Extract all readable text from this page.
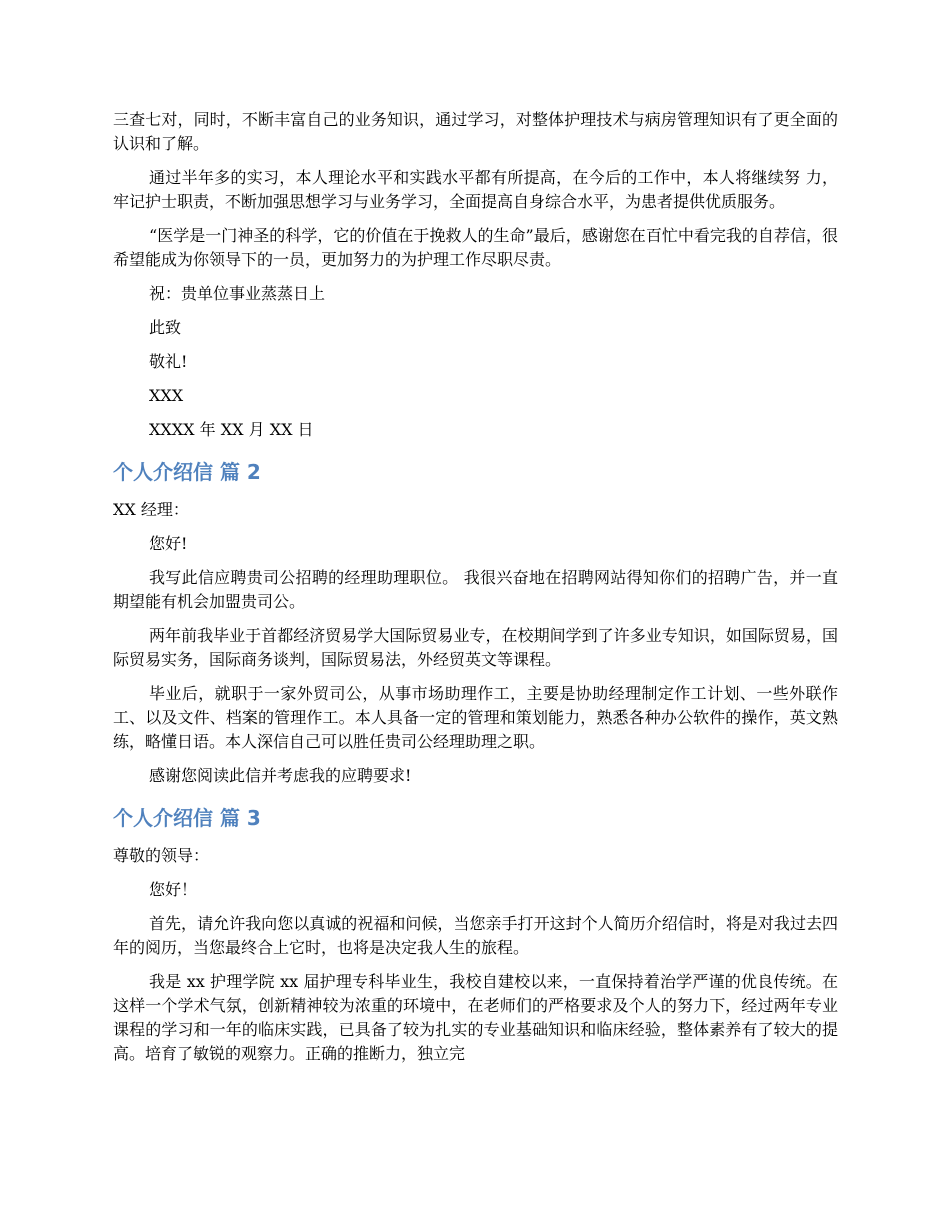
三查七对，同时，不断丰富自己的业务知识，通过学习，对整体护理技术与病房管理知识有了更全面的认识和了解。

通过半年多的实习，本人理论水平和实践水平都有所提高，在今后的工作中，本人将继续努 力，牢记护士职责，不断加强思想学习与业务学习，全面提高自身综合水平，为患者提供优质服务。

“医学是一门神圣的科学，它的价值在于挽救人的生命”最后，感谢您在百忙中看完我的自荐信，很希望能成为你领导下的一员，更加努力的为护理工作尽职尽责。

祝：贵单位事业蒸蒸日上

此致

敬礼!

XXX

XXXX 年 XX 月 XX 日

个人介绍信 篇 2

XX 经理：

您好!

我写此信应聘贵司公招聘的经理助理职位。 我很兴奋地在招聘网站得知你们的招聘广告，并一直期望能有机会加盟贵司公。

两年前我毕业于首都经济贸易学大国际贸易业专，在校期间学到了许多业专知识，如国际贸易，国际贸易实务，国际商务谈判，国际贸易法，外经贸英文等课程。

毕业后，就职于一家外贸司公，从事市场助理作工，主要是协助经理制定作工计划、一些外联作工、以及文件、档案的管理作工。本人具备一定的管理和策划能力，熟悉各种办公软件的操作，英文熟练，略懂日语。本人深信自己可以胜任贵司公经理助理之职。

感谢您阅读此信并考虑我的应聘要求!

个人介绍信 篇 3

尊敬的领导：

您好！

首先，请允许我向您以真诚的祝福和问候，当您亲手打开这封个人简历介绍信时，将是对我过去四年的阅历，当您最终合上它时，也将是决定我人生的旅程。

我是 xx 护理学院 xx 届护理专科毕业生，我校自建校以来，一直保持着治学严谨的优良传统。在这样一个学术气氛，创新精神较为浓重的环境中，在老师们的严格要求及个人的努力下，经过两年专业课程的学习和一年的临床实践，已具备了较为扎实的专业基础知识和临床经验，整体素养有了较大的提高。培育了敏锐的观察力。正确的推断力，独立完
